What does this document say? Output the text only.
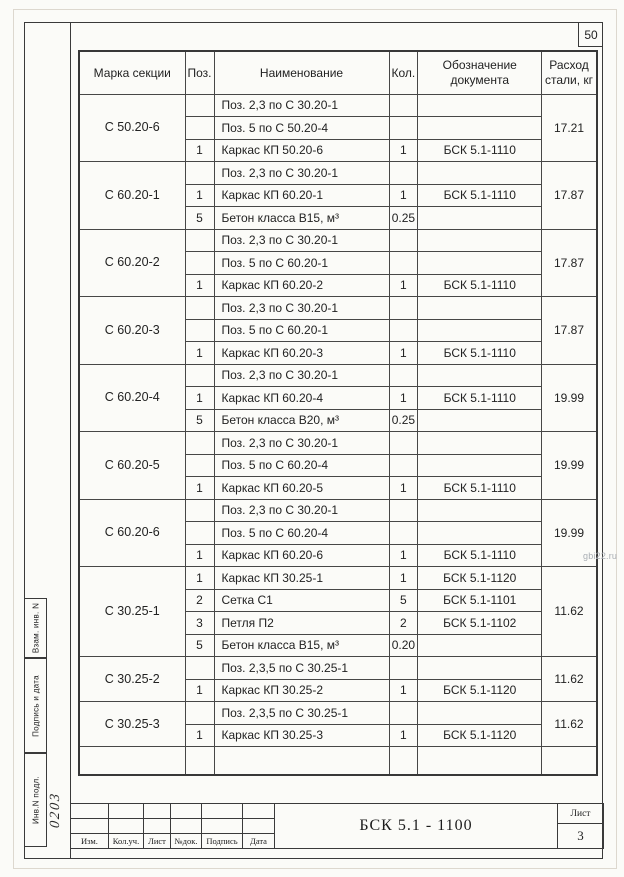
50
Марка секции	Поз.	Наименование	Кол.	Обозначение документа	Расход стали, кг
С 50.20-6		Поз. 2,3 по С 30.20-1			17.21
		Поз. 5 по С 50.20-4			
	1	Каркас КП 50.20-6	1	БСК 5.1-1110	
С 60.20-1		Поз. 2,3 по С 30.20-1			17.87
	1	Каркас КП 60.20-1	1	БСК 5.1-1110	
	5	Бетон класса В15, м³	0.25		
С 60.20-2		Поз. 2,3 по С 30.20-1			17.87
		Поз. 5 по С 60.20-1			
	1	Каркас КП 60.20-2	1	БСК 5.1-1110	
С 60.20-3		Поз. 2,3 по С 30.20-1			17.87
		Поз. 5 по С 60.20-1			
	1	Каркас КП 60.20-3	1	БСК 5.1-1110	
С 60.20-4		Поз. 2,3 по С 30.20-1			19.99
	1	Каркас КП 60.20-4	1	БСК 5.1-1110	
	5	Бетон класса В20, м³	0.25		
С 60.20-5		Поз. 2,3 по С 30.20-1			19.99
		Поз. 5 по С 60.20-4			
	1	Каркас КП 60.20-5	1	БСК 5.1-1110	
С 60.20-6		Поз. 2,3 по С 30.20-1			19.99
		Поз. 5 по С 60.20-4			
	1	Каркас КП 60.20-6	1	БСК 5.1-1110	
С 30.25-1	1	Каркас КП 30.25-1	1	БСК 5.1-1120	11.62
	2	Сетка С1	5	БСК 5.1-1101	
	3	Петля П2	2	БСК 5.1-1102	
	5	Бетон класса В15, м³	0.20		
С 30.25-2		Поз. 2,3,5 по С 30.25-1			11.62
	1	Каркас КП 30.25-2	1	БСК 5.1-1120	
С 30.25-3		Поз. 2,3,5 по С 30.25-1			11.62
	1	Каркас КП 30.25-3	1	БСК 5.1-1120	

Взам. инв. N
Подпись и дата
Инв.N подл. 0203
Изм.	Кол.уч.	Лист	№док.	Подпись	Дата
БСК 5.1 - 1100
Лист
3
gbi22.ru
